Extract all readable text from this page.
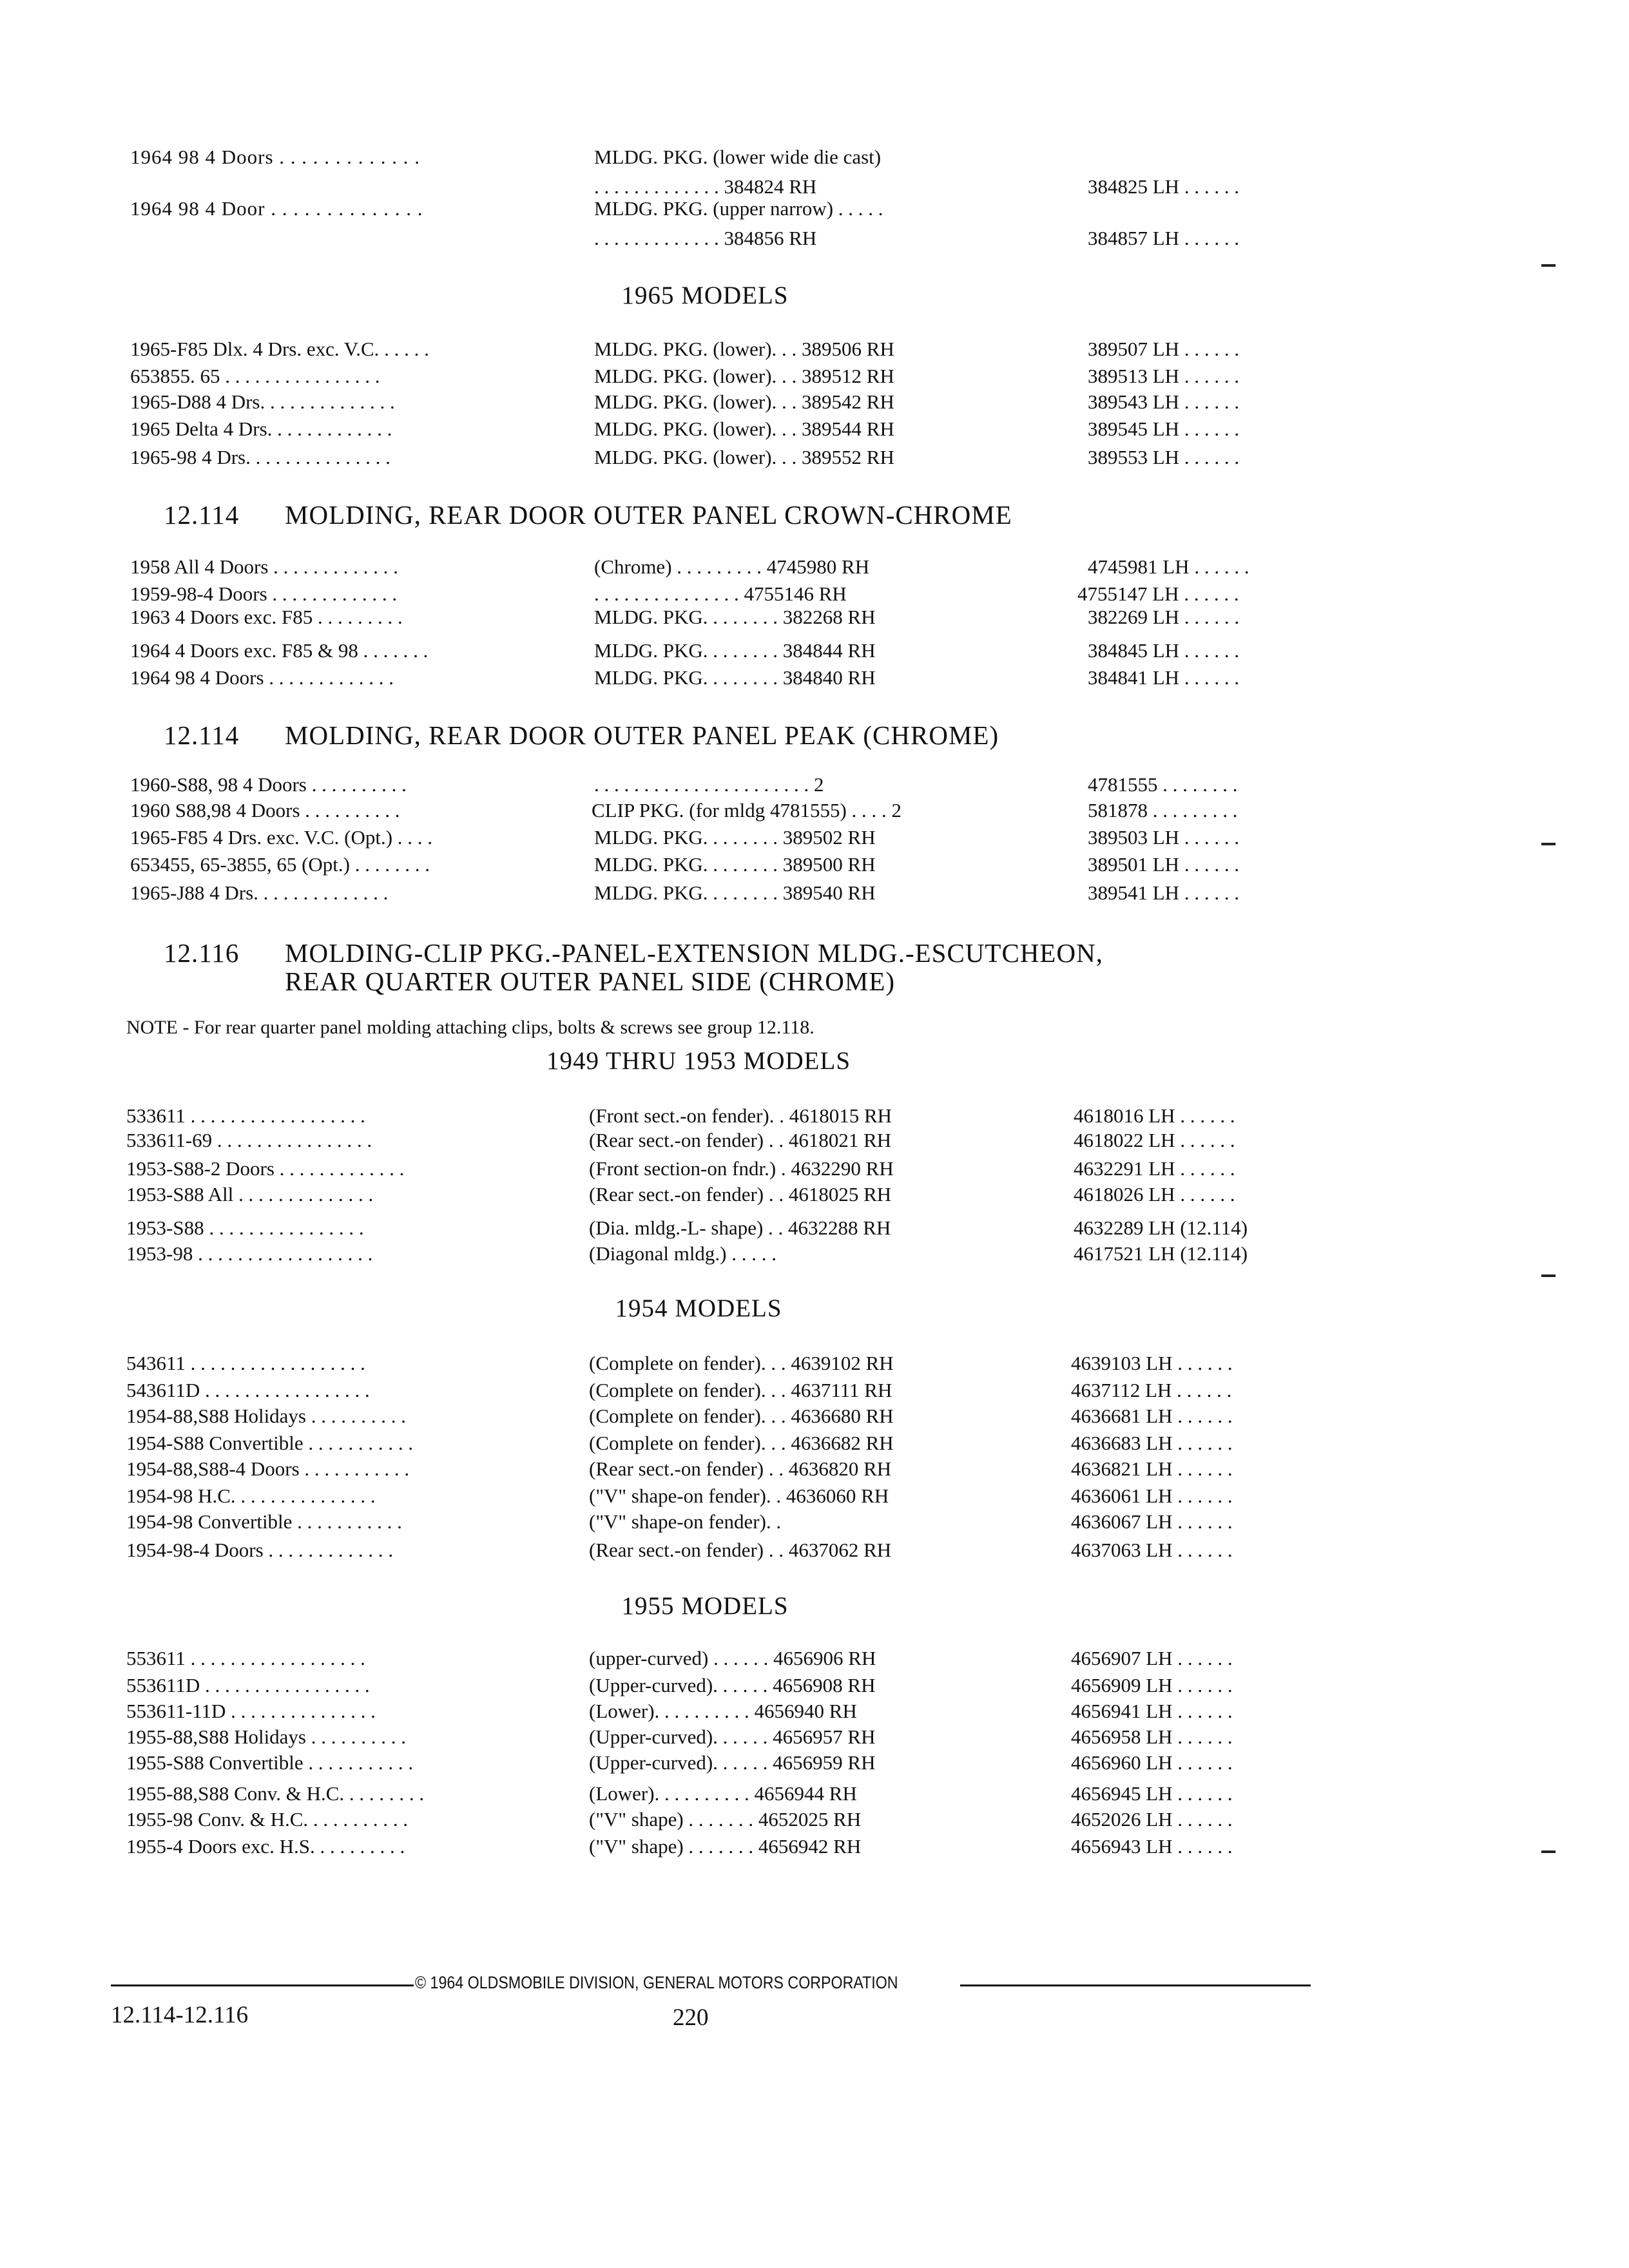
1964 98 4 Doors . . . . . . . . . . . . .	MLDG. PKG. (lower wide die cast)
. . . . . . . . . . . . . 384824 RH	384825 LH . . . . . .
1964 98 4 Door . . . . . . . . . . . . . .	MLDG. PKG. (upper narrow) . . . . .
. . . . . . . . . . . . . 384856 RH	384857 LH . . . . . .
1965 MODELS
1965-F85 Dlx. 4 Drs. exc. V.C. . . . . .	MLDG. PKG. (lower). . . 389506 RH	389507 LH . . . . . .
653855. 65 . . . . . . . . . . . . . . . .	MLDG. PKG. (lower). . . 389512 RH	389513 LH . . . . . .
1965-D88 4 Drs. . . . . . . . . . . . . .	MLDG. PKG. (lower). . . 389542 RH	389543 LH . . . . . .
1965 Delta 4 Drs. . . . . . . . . . . . .	MLDG. PKG. (lower). . . 389544 RH	389545 LH . . . . . .
1965-98 4 Drs. . . . . . . . . . . . . . .	MLDG. PKG. (lower). . . 389552 RH	389553 LH . . . . . .
12.114 MOLDING, REAR DOOR OUTER PANEL CROWN-CHROME
1958 All 4 Doors . . . . . . . . . . . . .	(Chrome) . . . . . . . . . 4745980 RH	4745981 LH . . . . . .
1959-98-4 Doors . . . . . . . . . . . . .	. . . . . . . . . . . . . . . 4755146 RH	4755147 LH . . . . . .
1963 4 Doors exc. F85 . . . . . . . . .	MLDG. PKG. . . . . . . . 382268 RH	382269 LH . . . . . .
1964 4 Doors exc. F85 & 98 . . . . . . .	MLDG. PKG. . . . . . . . 384844 RH	384845 LH . . . . . .
1964 98 4 Doors . . . . . . . . . . . . .	MLDG. PKG. . . . . . . . 384840 RH	384841 LH . . . . . .
12.114 MOLDING, REAR DOOR OUTER PANEL PEAK (CHROME)
1960-S88, 98 4 Doors . . . . . . . . . .	. . . . . . . . . . . . . . . . . . . . . . 2	4781555 . . . . . . . .
1960 S88,98 4 Doors . . . . . . . . . .	CLIP PKG. (for mldg 4781555) . . . . 2	581878 . . . . . . . . .
1965-F85 4 Drs. exc. V.C. (Opt.) . . . .	MLDG. PKG. . . . . . . . 389502 RH	389503 LH . . . . . .
653455, 65-3855, 65 (Opt.) . . . . . . . .	MLDG. PKG. . . . . . . . 389500 RH	389501 LH . . . . . .
1965-J88 4 Drs. . . . . . . . . . . . . .	MLDG. PKG. . . . . . . . 389540 RH	389541 LH . . . . . .
12.116 MOLDING-CLIP PKG.-PANEL-EXTENSION MLDG.-ESCUTCHEON,
REAR QUARTER OUTER PANEL SIDE (CHROME)
NOTE - For rear quarter panel molding attaching clips, bolts & screws see group 12.118.
1949 THRU 1953 MODELS
533611 . . . . . . . . . . . . . . . . . .	(Front sect.-on fender). . 4618015 RH	4618016 LH . . . . . .
533611-69 . . . . . . . . . . . . . . . .	(Rear sect.-on fender) . . 4618021 RH	4618022 LH . . . . . .
1953-S88-2 Doors . . . . . . . . . . . . .	(Front section-on fndr.) . 4632290 RH	4632291 LH . . . . . .
1953-S88 All . . . . . . . . . . . . . .	(Rear sect.-on fender) . . 4618025 RH	4618026 LH . . . . . .
1953-S88 . . . . . . . . . . . . . . . .	(Dia. mldg.-L- shape) . . 4632288 RH	4632289 LH (12.114)
1953-98 . . . . . . . . . . . . . . . . . .	(Diagonal mldg.) . . . . .	4617521 LH (12.114)
1954 MODELS
543611 . . . . . . . . . . . . . . . . . .	(Complete on fender). . . 4639102 RH	4639103 LH . . . . . .
543611D . . . . . . . . . . . . . . . . .	(Complete on fender). . . 4637111 RH	4637112 LH . . . . . .
1954-88,S88 Holidays . . . . . . . . . .	(Complete on fender). . . 4636680 RH	4636681 LH . . . . . .
1954-S88 Convertible . . . . . . . . . . .	(Complete on fender). . . 4636682 RH	4636683 LH . . . . . .
1954-88,S88-4 Doors . . . . . . . . . . .	(Rear sect.-on fender) . . 4636820 RH	4636821 LH . . . . . .
1954-98 H.C. . . . . . . . . . . . . . .	("V" shape-on fender). . 4636060 RH	4636061 LH . . . . . .
1954-98 Convertible . . . . . . . . . . .	("V" shape-on fender). .	4636067 LH . . . . . .
1954-98-4 Doors . . . . . . . . . . . . .	(Rear sect.-on fender) . . 4637062 RH	4637063 LH . . . . . .
1955 MODELS
553611 . . . . . . . . . . . . . . . . . .	(upper-curved) . . . . . . 4656906 RH	4656907 LH . . . . . .
553611D . . . . . . . . . . . . . . . . .	(Upper-curved). . . . . . 4656908 RH	4656909 LH . . . . . .
553611-11D . . . . . . . . . . . . . . .	(Lower). . . . . . . . . . 4656940 RH	4656941 LH . . . . . .
1955-88,S88 Holidays . . . . . . . . . .	(Upper-curved). . . . . . 4656957 RH	4656958 LH . . . . . .
1955-S88 Convertible . . . . . . . . . . .	(Upper-curved). . . . . . 4656959 RH	4656960 LH . . . . . .
1955-88,S88 Conv. & H.C. . . . . . . . .	(Lower). . . . . . . . . . 4656944 RH	4656945 LH . . . . . .
1955-98 Conv. & H.C. . . . . . . . . . .	("V" shape) . . . . . . . 4652025 RH	4652026 LH . . . . . .
1955-4 Doors exc. H.S. . . . . . . . . .	("V" shape) . . . . . . . 4656942 RH	4656943 LH . . . . . .
© 1964 OLDSMOBILE DIVISION, GENERAL MOTORS CORPORATION
12.114-12.116	220
